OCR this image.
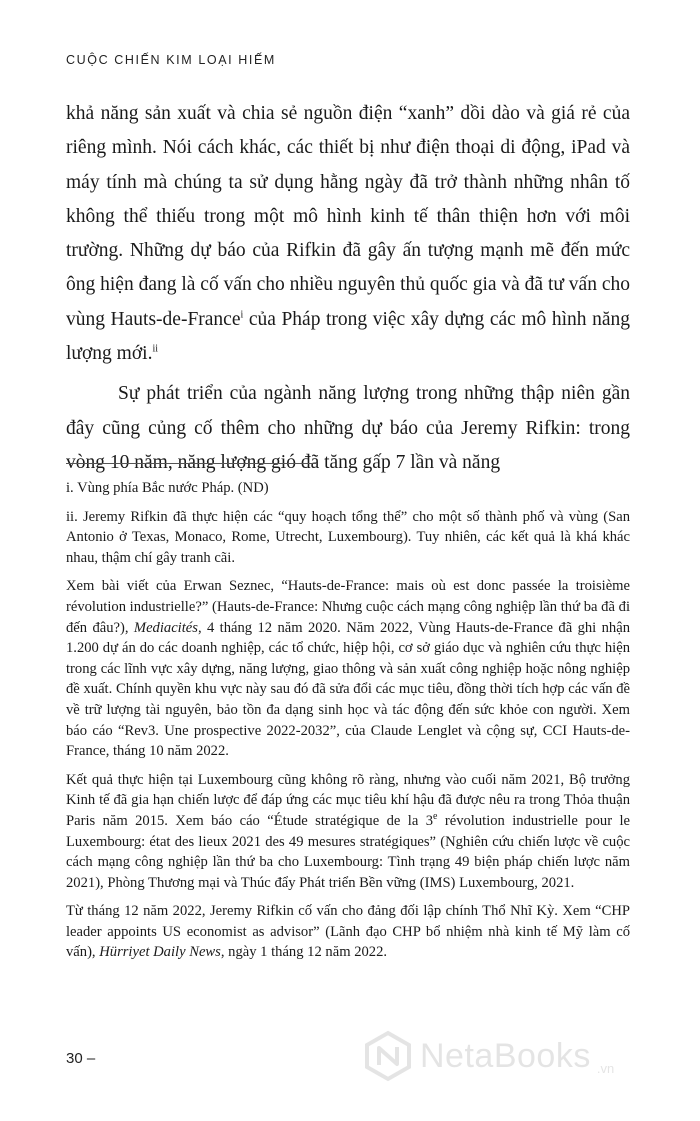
CUỘC CHIẾN KIM LOẠI HIẾM

khả năng sản xuất và chia sẻ nguồn điện “xanh” dồi dào và giá rẻ của riêng mình. Nói cách khác, các thiết bị như điện thoại di động, iPad và máy tính mà chúng ta sử dụng hằng ngày đã trở thành những nhân tố không thể thiếu trong một mô hình kinh tế thân thiện hơn với môi trường. Những dự báo của Rifkin đã gây ấn tượng mạnh mẽ đến mức ông hiện đang là cố vấn cho nhiều nguyên thủ quốc gia và đã tư vấn cho vùng Hauts-de-France$^i$ của Pháp trong việc xây dựng các mô hình năng lượng mới.$^{ii}$

Sự phát triển của ngành năng lượng trong những thập niên gần đây cũng củng cố thêm cho những dự báo của Jeremy Rifkin: trong vòng 10 năm, năng lượng gió đã tăng gấp 7 lần và năng

i. Vùng phía Bắc nước Pháp. (ND)

ii. Jeremy Rifkin đã thực hiện các “quy hoạch tổng thể” cho một số thành phố và vùng (San Antonio ở Texas, Monaco, Rome, Utrecht, Luxembourg). Tuy nhiên, các kết quả là khá khác nhau, thậm chí gây tranh cãi.

Xem bài viết của Erwan Seznec, “Hauts-de-France: mais où est donc passée la troisième révolution industrielle?” (Hauts-de-France: Nhưng cuộc cách mạng công nghiệp lần thứ ba đã đi đến đâu?), Mediacités, 4 tháng 12 năm 2020. Năm 2022, Vùng Hauts-de-France đã ghi nhận 1.200 dự án do các doanh nghiệp, các tổ chức, hiệp hội, cơ sở giáo dục và nghiên cứu thực hiện trong các lĩnh vực xây dựng, năng lượng, giao thông và sản xuất công nghiệp hoặc nông nghiệp đề xuất. Chính quyền khu vực này sau đó đã sửa đổi các mục tiêu, đồng thời tích hợp các vấn đề về trữ lượng tài nguyên, bảo tồn đa dạng sinh học và tác động đến sức khỏe con người. Xem báo cáo “Rev3. Une prospective 2022-2032”, của Claude Lenglet và cộng sự, CCI Hauts-de-France, tháng 10 năm 2022.

Kết quả thực hiện tại Luxembourg cũng không rõ ràng, nhưng vào cuối năm 2021, Bộ trưởng Kinh tế đã gia hạn chiến lược để đáp ứng các mục tiêu khí hậu đã được nêu ra trong Thỏa thuận Paris năm 2015. Xem báo cáo “Étude stratégique de la 3e révolution industrielle pour le Luxembourg: état des lieux 2021 des 49 mesures stratégiques” (Nghiên cứu chiến lược về cuộc cách mạng công nghiệp lần thứ ba cho Luxembourg: Tình trạng 49 biện pháp chiến lược năm 2021), Phòng Thương mại và Thúc đẩy Phát triển Bền vững (IMS) Luxembourg, 2021.

Từ tháng 12 năm 2022, Jeremy Rifkin cố vấn cho đảng đối lập chính Thổ Nhĩ Kỳ. Xem “CHP leader appoints US economist as advisor” (Lãnh đạo CHP bổ nhiệm nhà kinh tế Mỹ làm cố vấn), Hürriyet Daily News, ngày 1 tháng 12 năm 2022.

30 –	NetaBooks .vn
